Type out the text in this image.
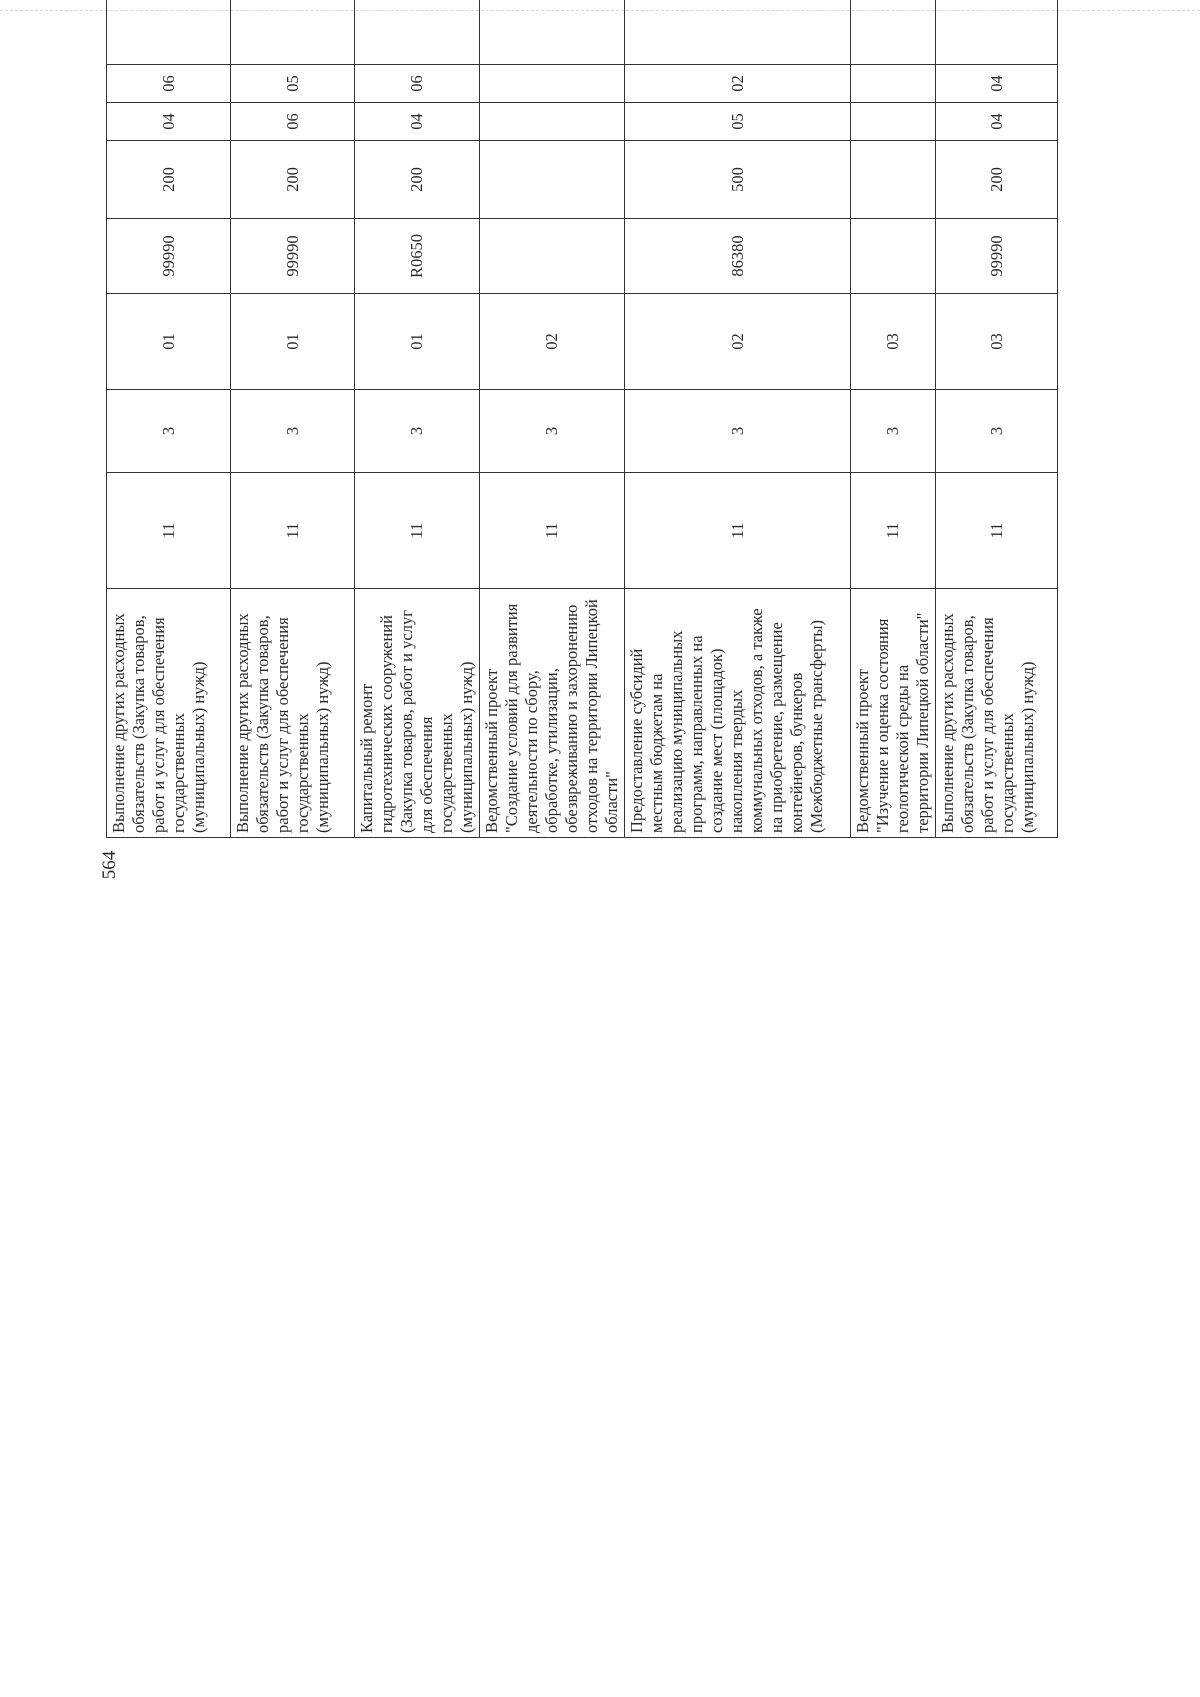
564
Выполнение других расходных обязательств (Закупка товаров, работ и услуг для обеспечения государственных (муниципальных) нужд)	11	3	01	99990	200	04	06			
Выполнение других расходных обязательств (Закупка товаров, работ и услуг для обеспечения государственных (муниципальных) нужд)	11	3	01	99990	200	06	05			
Капитальный ремонт гидротехнических сооружений (Закупка товаров, работ и услуг для обеспечения государственных (муниципальных) нужд)	11	3	01	R0650	200	04	06			
Ведомственный проект "Создание условий для развития деятельности по сбору, обработке, утилизации, обезвреживанию и захоронению отходов на территории Липецкой области"	11	3	02							
Предоставление субсидий местным бюджетам на реализацию муниципальных программ, направленных на создание мест (площадок) накопления твердых коммунальных отходов, а также на приобретение, размещение контейнеров, бункеров (Межбюджетные трансферты)	11	3	02	86380	500	05	02			
Ведомственный проект "Изучение и оценка состояния геологической среды на территории Липецкой области"	11	3	03							
Выполнение других расходных обязательств (Закупка товаров, работ и услуг для обеспечения государственных (муниципальных) нужд)	11	3	03	99990	200	04	04			
